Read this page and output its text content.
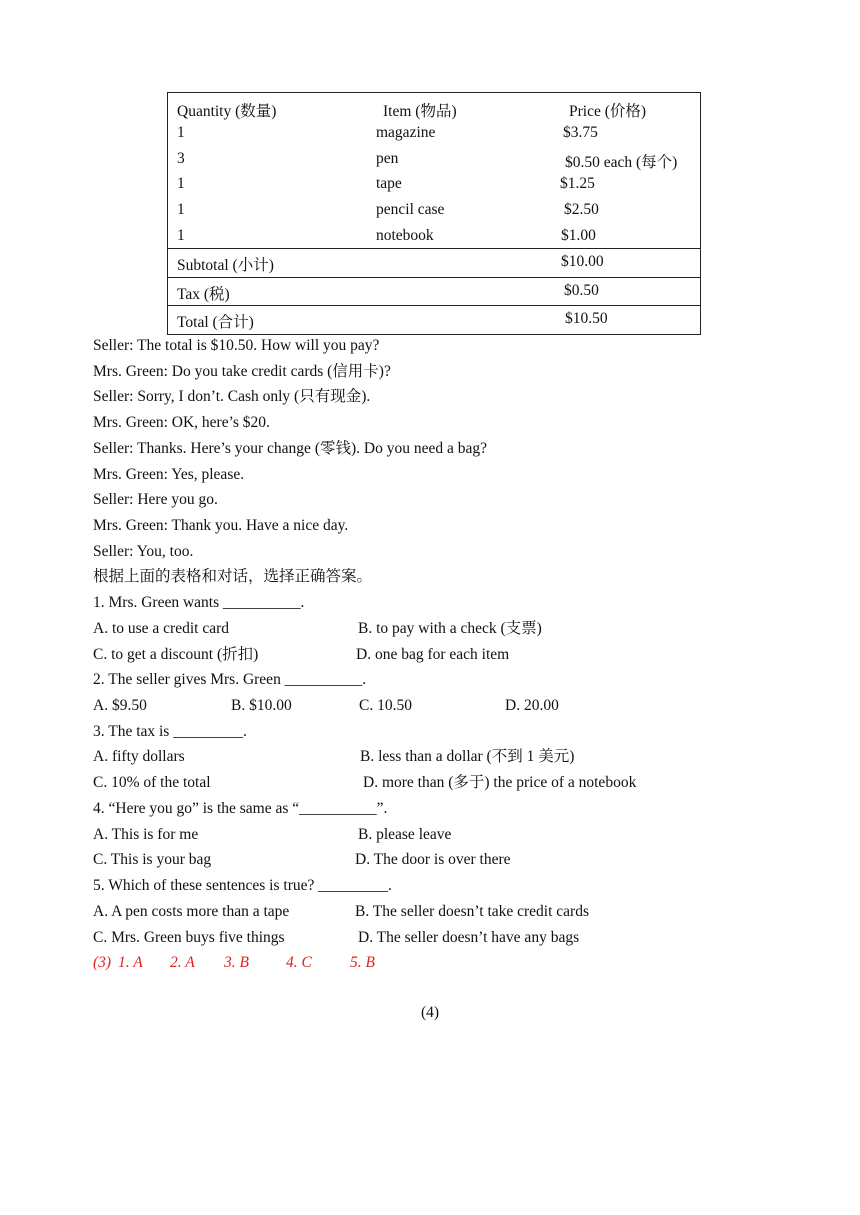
Quantity (数量)	Item (物品)	Price (价格)
1	magazine	$3.75
3	pen	$0.50 each (每个)
1	tape	$1.25
1	pencil case	$2.50
1	notebook	$1.00
Subtotal (小计)	$10.00
Tax (税)	$0.50
Total (合计)	$10.50
Seller: The total is $10.50. How will you pay?
Mrs. Green: Do you take credit cards (信用卡)?
Seller: Sorry, I don’t. Cash only (只有现金).
Mrs. Green: OK, here’s $20.
Seller: Thanks. Here’s your change (零钱). Do you need a bag?
Mrs. Green: Yes, please.
Seller: Here you go.
Mrs. Green: Thank you. Have a nice day.
Seller: You, too.
根据上面的表格和对话，选择正确答案。
1. Mrs. Green wants __________.
A. to use a credit card	B. to pay with a check (支票)
C. to get a discount (折扣)	D. one bag for each item
2. The seller gives Mrs. Green __________.
A. $9.50	B. $10.00	C. 10.50	D. 20.00
3. The tax is _________.
A. fifty dollars	B. less than a dollar (不到 1 美元)
C. 10% of the total	D. more than (多于) the price of a notebook
4. “Here you go” is the same as “__________”.
A. This is for me	B. please leave
C. This is your bag	D. The door is over there
5. Which of these sentences is true? _________.
A. A pen costs more than a tape	B. The seller doesn’t take credit cards
C. Mrs. Green buys five things	D. The seller doesn’t have any bags
(3) 1. A 2. A 3. B 4. C 5. B
(4)
